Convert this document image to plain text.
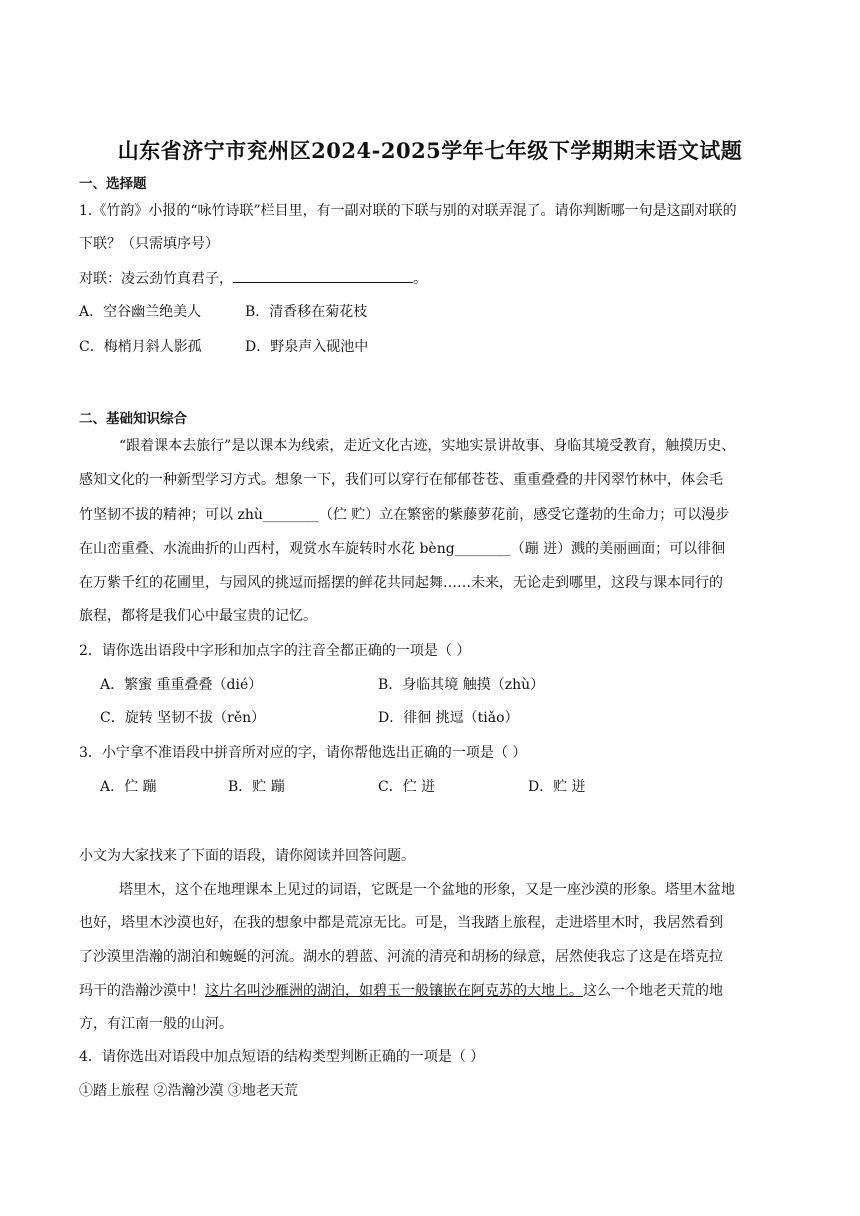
山东省济宁市兖州区2024-2025学年七年级下学期期末语文试题
一、选择题
1.《竹韵》小报的“咏竹诗联”栏目里，有一副对联的下联与别的对联弄混了。请你判断哪一句是这副对联的
下联？（只需填序号）
对联：凌云劲竹真君子，	。
A．空谷幽兰绝美人	B．清香移在菊花枝
C．梅梢月斜人影孤	D．野泉声入砚池中
二、基础知识综合
“跟着课本去旅行”是以课本为线索，走近文化古迹，实地实景讲故事、身临其境受教育，触摸历史、
感知文化的一种新型学习方式。想象一下，我们可以穿行在郁郁苍苍、重重叠叠的井冈翠竹林中，体会毛
竹坚韧不拔的精神；可以 zhù________（伫 贮）立在繁密的紫藤萝花前，感受它蓬勃的生命力；可以漫步
在山峦重叠、水流曲折的山西村，观赏水车旋转时水花 bèng________（蹦 迸）溅的美丽画面；可以徘徊
在万紫千红的花圃里，与园风的挑逗而摇摆的鲜花共同起舞……未来，无论走到哪里，这段与课本同行的
旅程，都将是我们心中最宝贵的记忆。
2．请你选出语段中字形和加点字的注音全都正确的一项是（ ）
A．繁蜜 重重叠叠（dié）	B．身临其境 触摸（zhù）
C．旋转 坚韧不拔（rěn）	D．徘徊 挑逗（tiǎo）
3．小宁拿不准语段中拼音所对应的字，请你帮他选出正确的一项是（ ）
A．伫 蹦	B．贮 蹦	C．伫 迸	D．贮 迸
小文为大家找来了下面的语段，请你阅读并回答问题。
塔里木，这个在地理课本上见过的词语，它既是一个盆地的形象，又是一座沙漠的形象。塔里木盆地
也好，塔里木沙漠也好，在我的想象中都是荒凉无比。可是，当我踏上旅程，走进塔里木时，我居然看到
了沙漠里浩瀚的湖泊和蜿蜒的河流。湖水的碧蓝、河流的清亮和胡杨的绿意，居然使我忘了这是在塔克拉
玛干的浩瀚沙漠中！这片名叫沙雁洲的湖泊，如碧玉一般镶嵌在阿克苏的大地上。这么一个地老天荒的地
方，有江南一般的山河。
4．请你选出对语段中加点短语的结构类型判断正确的一项是（ ）
①踏上旅程 ②浩瀚沙漠 ③地老天荒
